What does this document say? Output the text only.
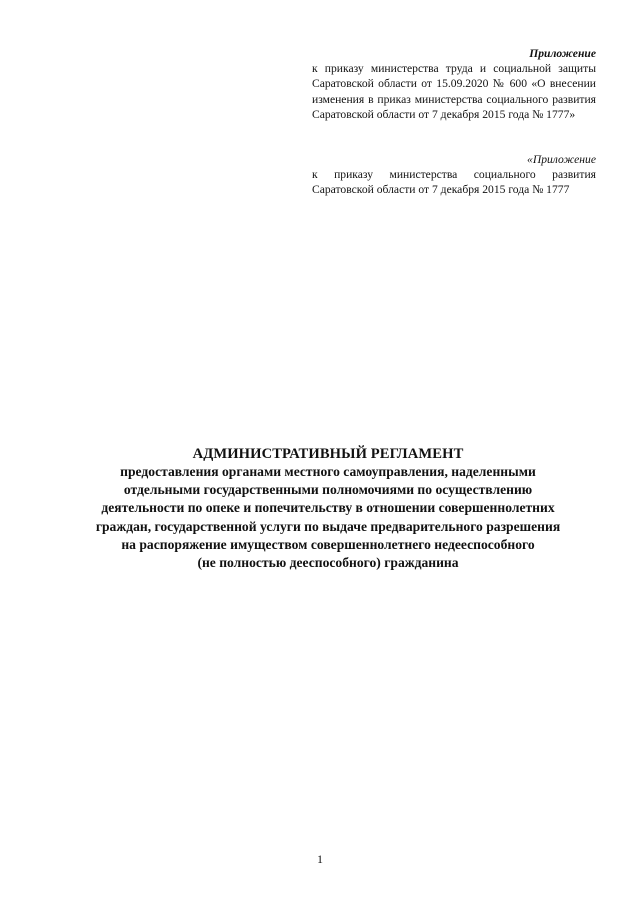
Приложение
к приказу министерства труда и социальной защиты Саратовской области от 15.09.2020 № 600 «О внесении изменения в приказ министерства социального развития Саратовской области от 7 декабря 2015 года № 1777»
«Приложение
к приказу министерства социального развития Саратовской области от 7 декабря 2015 года № 1777
АДМИНИСТРАТИВНЫЙ РЕГЛАМЕНТ
предоставления органами местного самоуправления, наделенными
отдельными государственными полномочиями по осуществлению
деятельности по опеке и попечительству в отношении совершеннолетних
граждан, государственной услуги по выдаче предварительного разрешения
на распоряжение имуществом совершеннолетнего недееспособного
(не полностью дееспособного) гражданина
1
